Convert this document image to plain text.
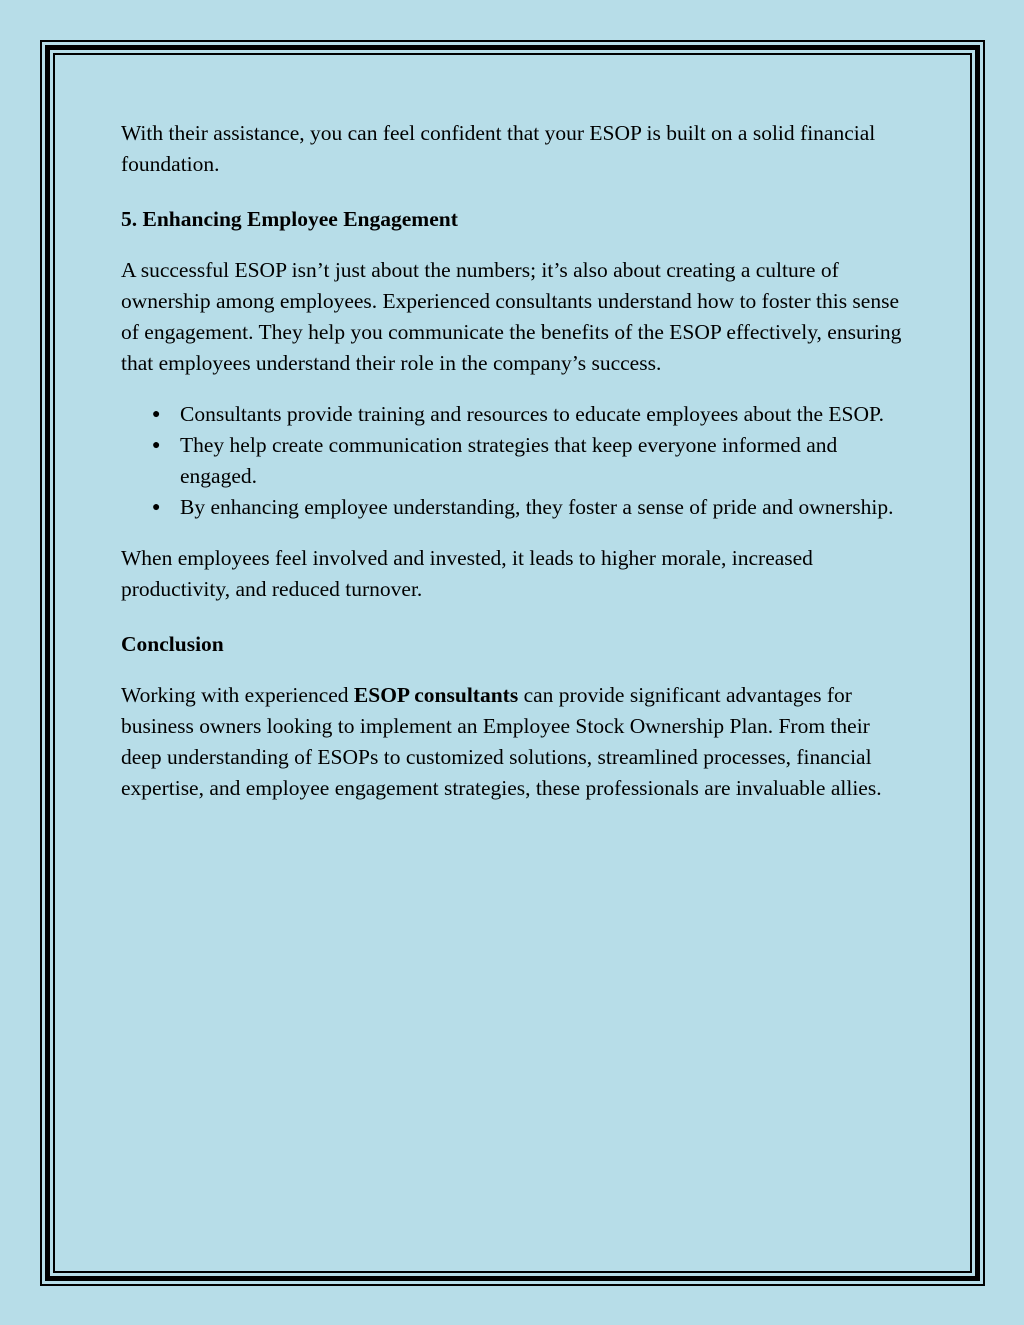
With their assistance, you can feel confident that your ESOP is built on a solid financial foundation.

5. Enhancing Employee Engagement

A successful ESOP isn’t just about the numbers; it’s also about creating a culture of ownership among employees. Experienced consultants understand how to foster this sense of engagement. They help you communicate the benefits of the ESOP effectively, ensuring that employees understand their role in the company’s success.

● Consultants provide training and resources to educate employees about the ESOP.
● They help create communication strategies that keep everyone informed and engaged.
● By enhancing employee understanding, they foster a sense of pride and ownership.

When employees feel involved and invested, it leads to higher morale, increased productivity, and reduced turnover.

Conclusion

Working with experienced ESOP consultants can provide significant advantages for business owners looking to implement an Employee Stock Ownership Plan. From their deep understanding of ESOPs to customized solutions, streamlined processes, financial expertise, and employee engagement strategies, these professionals are invaluable allies.
